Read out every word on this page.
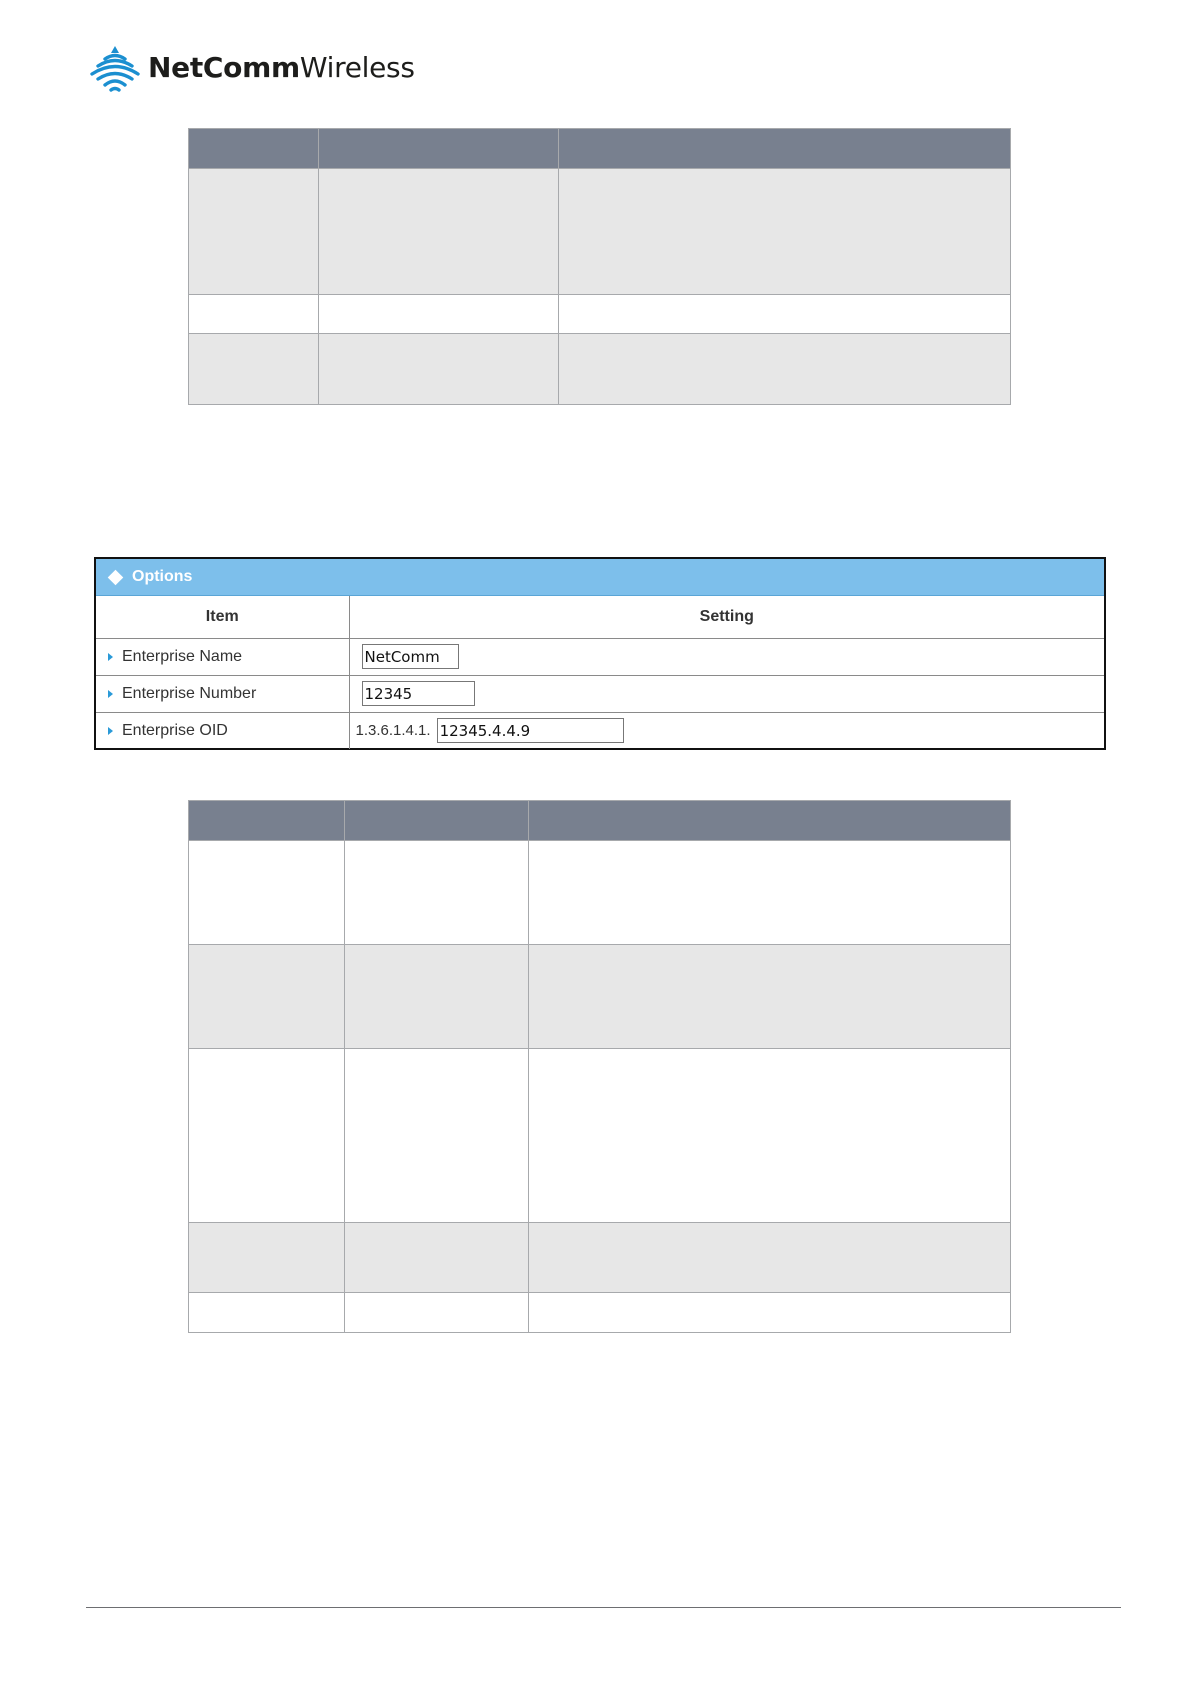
NetCommWireless

Options
Item	Setting

Enterprise Name	NetComm

Enterprise Number	12345

Enterprise OID	1.3.6.1.4.1. 12345.4.4.9
